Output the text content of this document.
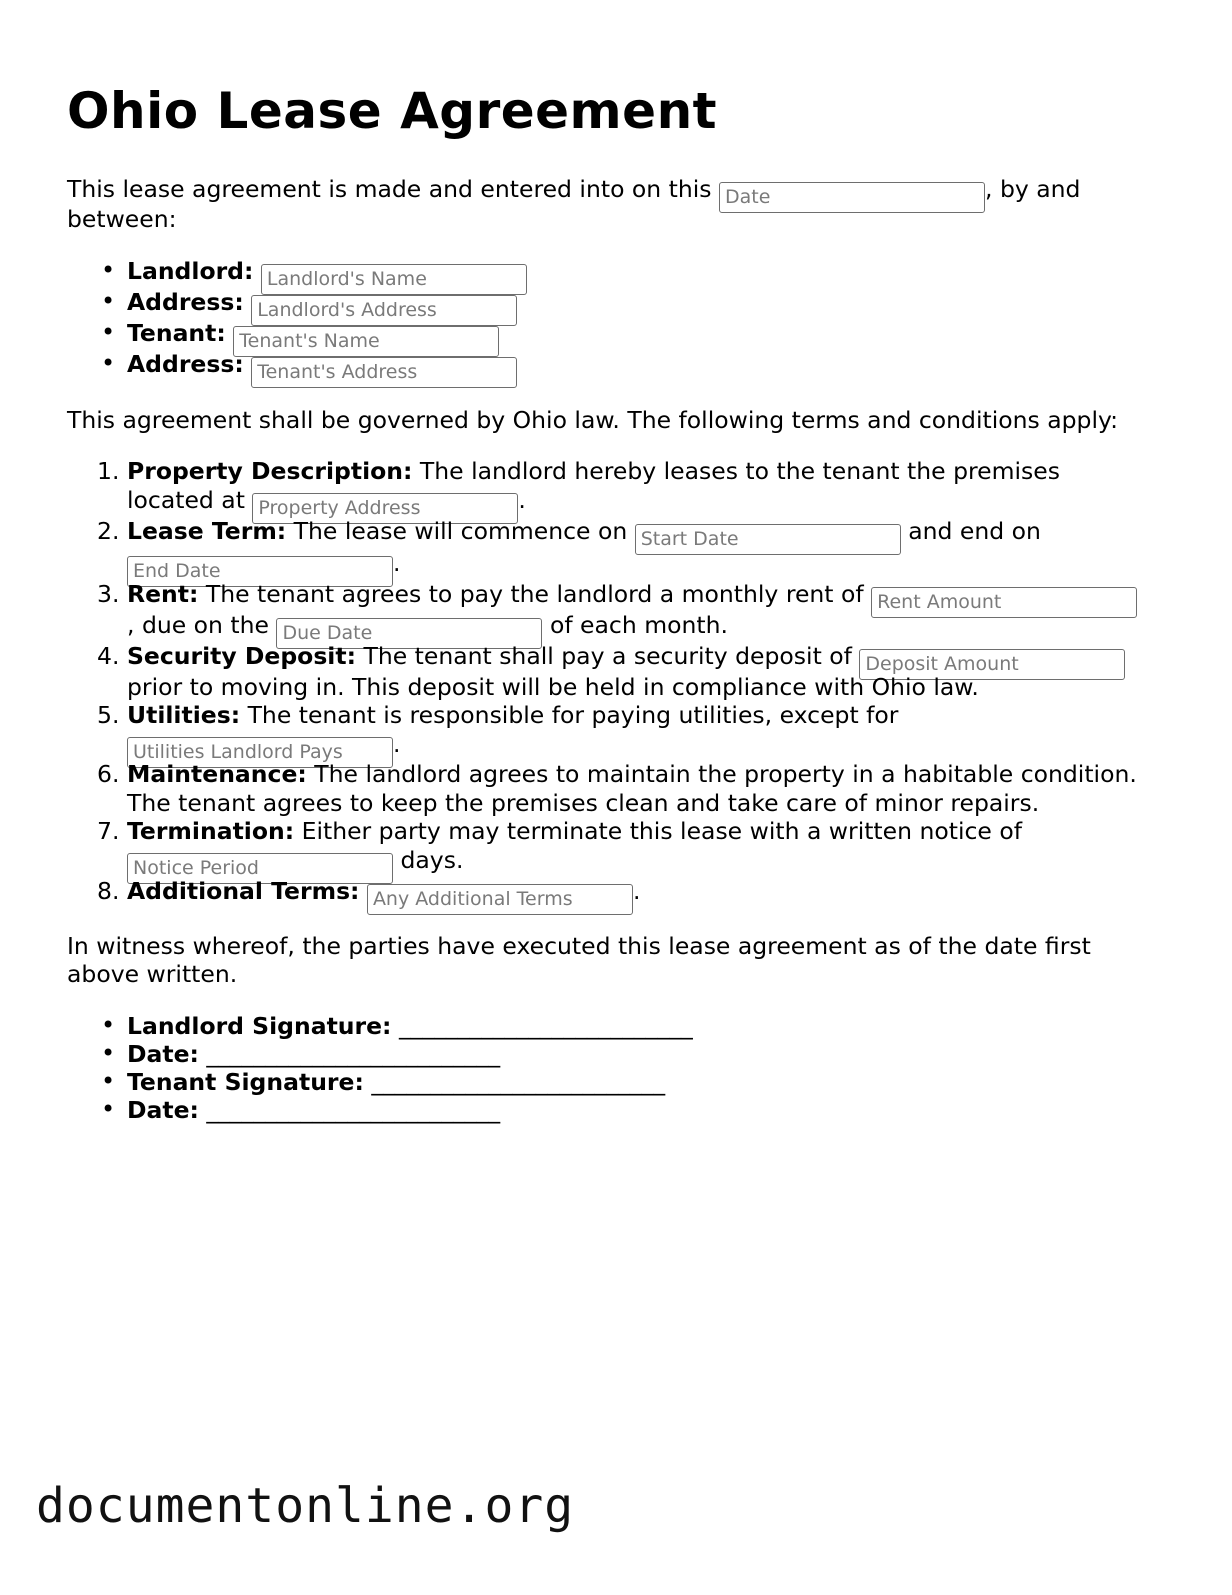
Ohio Lease Agreement
This lease agreement is made and entered into on this Date	, by and
between:
• Landlord: Landlord's Name
• Address: Landlord's Address
• Tenant: Tenant's Name
• Address: Tenant's Address
This agreement shall be governed by Ohio law. The following terms and conditions apply:
1. Property Description: The landlord hereby leases to the tenant the premises
located at Property Address	.
2. Lease Term: The lease will commence on Start Date	and end on
End Date.
3. Rent: The tenant agrees to pay the landlord a monthly rent of Rent Amount
, due on the Due Date	of each month.
4. Security Deposit: The tenant shall pay a security deposit of Deposit Amount
prior to moving in. This deposit will be held in compliance with Ohio law.
5. Utilities: The tenant is responsible for paying utilities, except for
Utilities Landlord Pays.
6. Maintenance: The landlord agrees to maintain the property in a habitable condition.
The tenant agrees to keep the premises clean and take care of minor repairs.
7. Termination: Either party may terminate this lease with a written notice of
Notice Period days.
8. Additional Terms: Any Additional Terms	.
In witness whereof, the parties have executed this lease agreement as of the date first
above written.
• Landlord Signature: _________________________
• Date: _________________________
• Tenant Signature: _________________________
• Date: _________________________
documentonline.org
